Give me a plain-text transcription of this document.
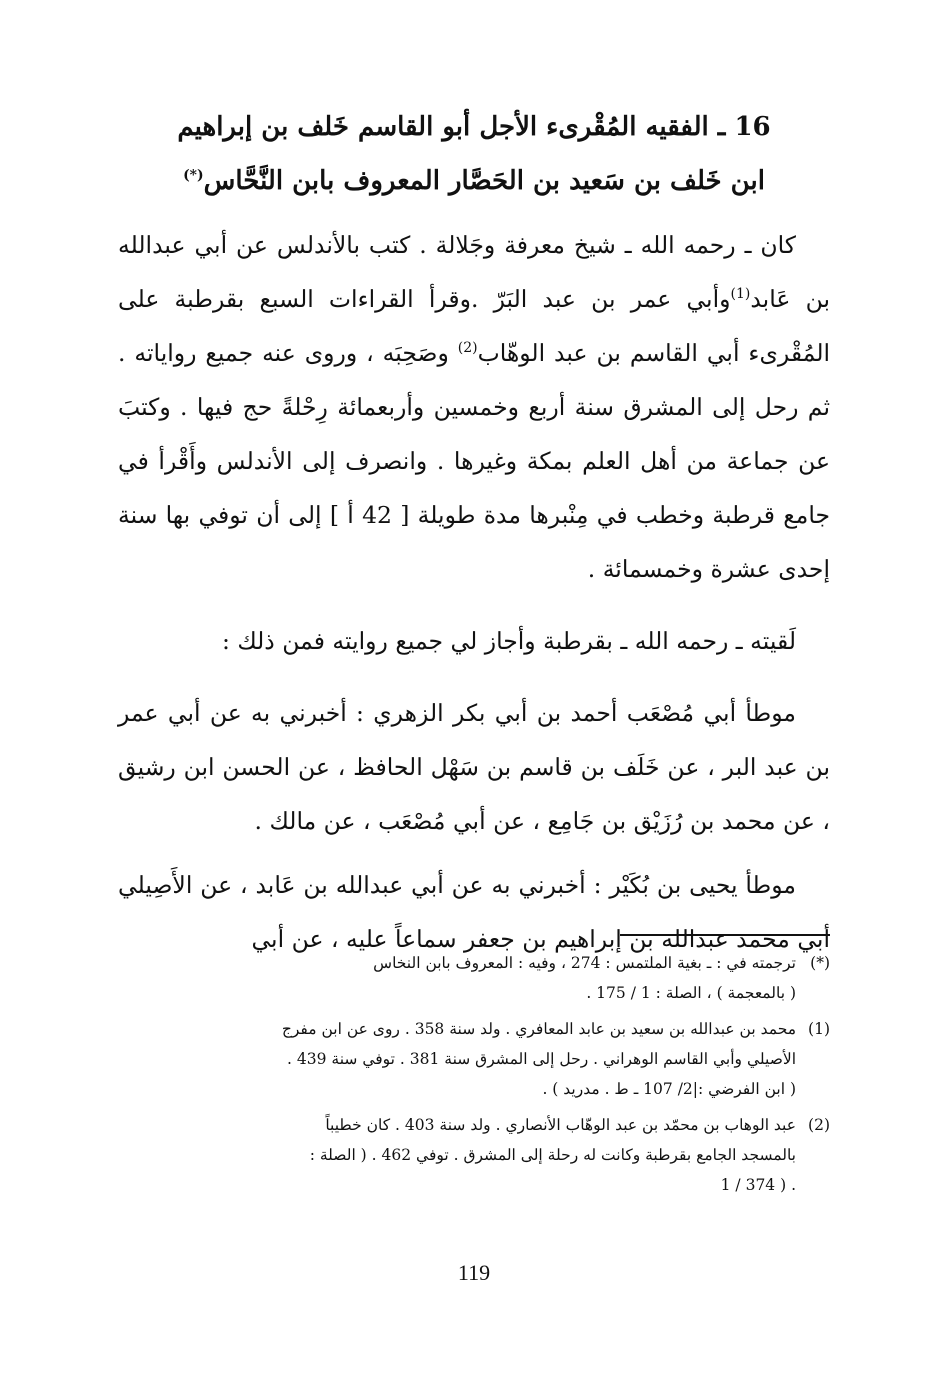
16 ـ الفقيه المُقْرىء الأجل أبو القاسم خَلف بن إبراهيم
ابن خَلف بن سَعيد بن الحَصَّار المعروف بابن النَّحَّاس(*)

كان ـ رحمه الله ـ شيخ معرفة وجَلالة . كتب بالأندلس عن أبي عبدالله بن عَابد$^{(1)}$وأبي عمر بن عبد البَرّ .وقرأ القراءات السبع بقرطبة على المُقْرىء أبي القاسم بن عبد الوهّاب$^{(2)}$ وصَحِبَه ، وروى عنه جميع رواياته . ثم رحل إلى المشرق سنة أربع وخمسين وأربعمائة رِحْلةً حج فيها . وكتبَ عن جماعة من أهل العلم بمكة وغيرها . وانصرف إلى الأندلس وأَقْرأ في جامع قرطبة وخطب في مِنْبرها مدة طويلة [ 42 أ ] إلى أن توفي بها سنة إحدى عشرة وخمسمائة .

لَقيته ـ رحمه الله ـ بقرطبة وأجاز لي جميع روايته فمن ذلك :

موطأ أبي مُصْعَب أحمد بن أبي بكر الزهري : أخبرني به عن أبي عمر بن عبد البر ، عن خَلَف بن قاسم بن سَهْل الحافظ ، عن الحسن ابن رشيق ، عن محمد بن رُزَيْق بن جَامِع ، عن أبي مُصْعَب ، عن مالك .

موطأ يحيى بن بُكَيْر : أخبرني به عن أبي عبدالله بن عَابد ، عن الأَصِيلي أبي محمد عبدالله بن إبراهيم بن جعفر سماعاً عليه ، عن أبي

(*)
ترجمته في : ـ بغية الملتمس : 274 ، وفيه : المعروف بابن النخاس
( بالمعجمة ) ، الصلة : 1 / 175 .
(1)
محمد بن عبدالله بن سعيد بن عابد المعافري . ولد سنة 358 . روى عن ابن مفرج
الأصيلي وأبي القاسم الوهراني . رحل إلى المشرق سنة 381 . توفي سنة 439 .
( ابن الفرضي :|2/ 107 ـ ط . مدريد ) .
(2)
عبد الوهاب بن محمّد بن عبد الوهّاب الأنصاري . ولد سنة 403 . كان خطيباً
بالمسجد الجامع بقرطبة وكانت له رحلة إلى المشرق . توفي 462 . ( الصلة :
. ( 374 / 1
119
